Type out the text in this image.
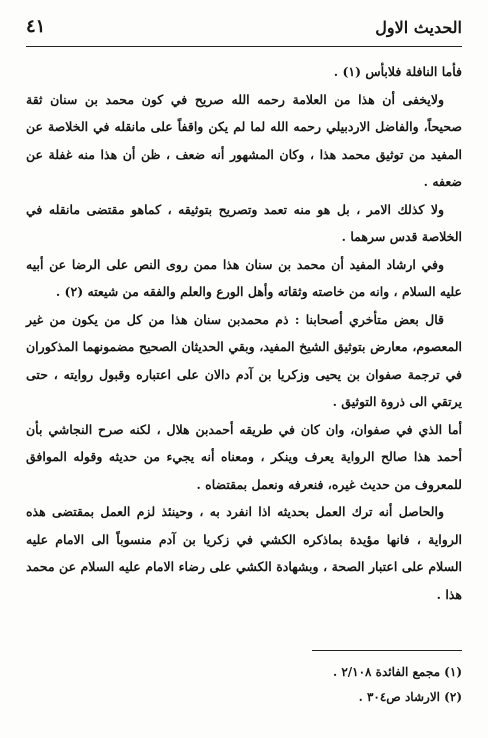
الحديث الاول
٤١

فأما النافلة فلابأس (١) .

ولايخفى أن هذا من العلامة رحمه الله صريح في كون محمد بن سنان ثقة صحيحاً، والفاضل الاردبيلي رحمه الله لما لم يكن واقفاً على مانقله في الخلاصة عن المفيد من توثيق محمد هذا ، وكان المشهور أنه ضعف ، ظن أن هذا منه غفلة عن ضعفه .

ولا كذلك الامر ، بل هو منه تعمد وتصريح بتوثيقه ، كماهو مقتضى مانقله في الخلاصة قدس سرهما .

وفي ارشاد المفيد أن محمد بن سنان هذا ممن روى النص على الرضا عن أبيه عليه السلام ، وانه من خاصته وثقاته وأهل الورع والعلم والفقه من شيعته (٢) .

قال بعض متأخري أصحابنا : ذم محمدبن سنان هذا من كل من يكون من غير المعصوم، معارض بتوثيق الشيخ المفيد، وبقي الحديثان الصحيح مضمونهما المذكوران في ترجمة صفوان بن يحيى وزكريا بن آدم دالان على اعتباره وقبول روايته ، حتى يرتقي الى ذروة التوثيق .

أما الذي في صفوان، وان كان في طريقه أحمدبن هلال ، لكنه صرح النجاشي بأن أحمد هذا صالح الرواية يعرف وينكر ، ومعناه أنه يجيء من حديثه وقوله الموافق للمعروف من حديث غيره، فنعرفه ونعمل بمقتضاه .

والحاصل أنه ترك العمل بحديثه اذا انفرد به ، وحينئذ لزم العمل بمقتضى هذه الرواية ، فانها مؤيدة بماذكره الكشي في زكريا بن آدم منسوباً الى الامام عليه السلام على اعتبار الصحة ، وبشهادة الكشي على رضاء الامام عليه السلام عن محمد هذا .

(١) مجمع الفائدة ٢/١٠٨ .
(٢) الارشاد ص٣٠٤ .
